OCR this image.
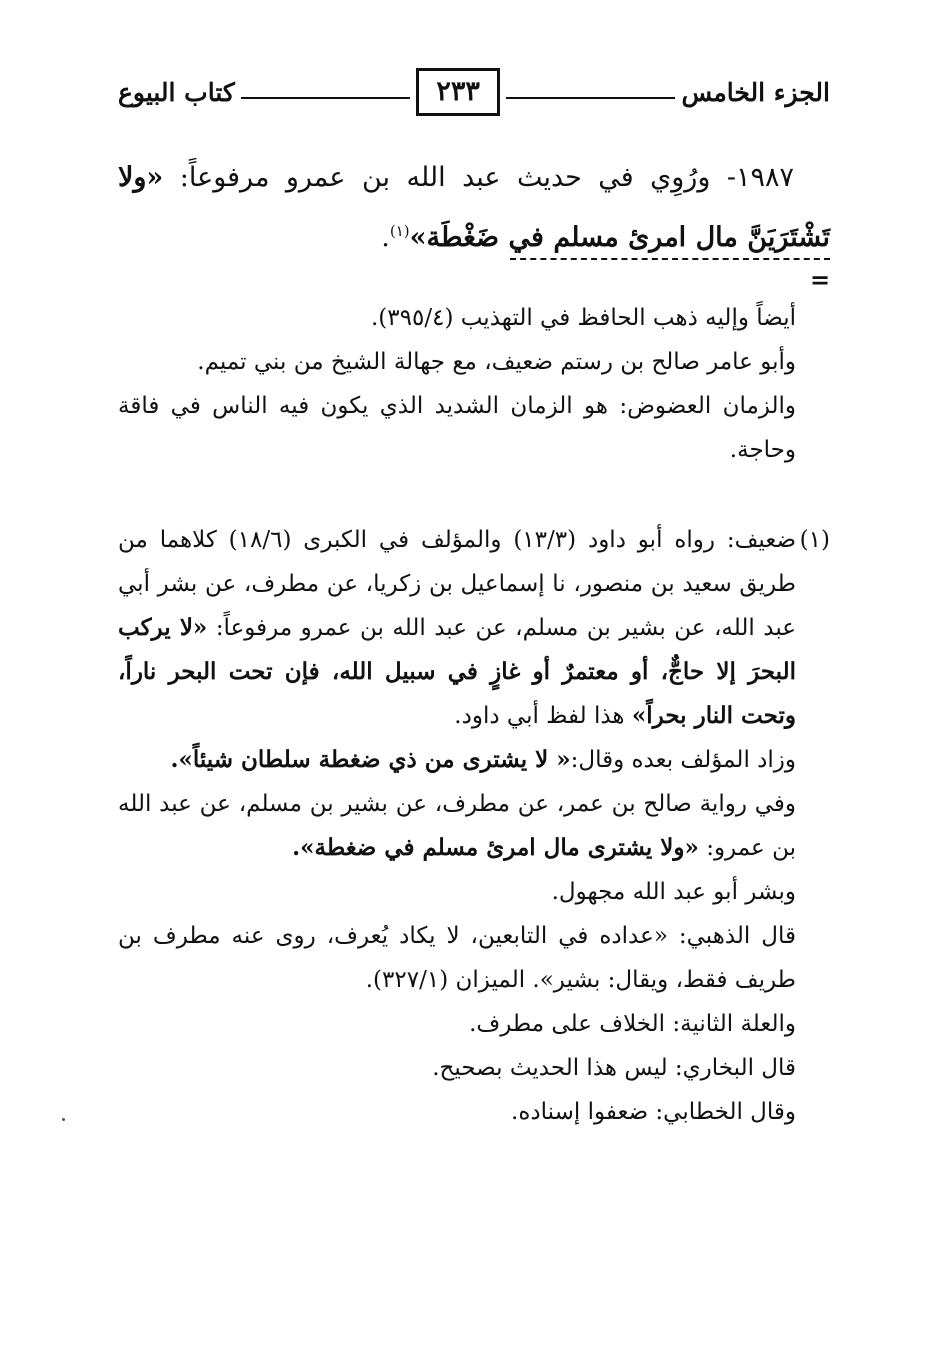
الجزء الخامس
٢٣٣
كتاب البيوع
١٩٨٧- ورُوِي في حديث عبد الله بن عمرو مرفوعاً: «ولا تَشْتَرَيَنَّ مال امرئ مسلم في ضَغْطَة»$^{(١)}$.
=

أيضاً وإليه ذهب الحافظ في التهذيب (٣٩٥/٤).

وأبو عامر صالح بن رستم ضعيف، مع جهالة الشيخ من بني تميم.

والزمان العضوض: هو الزمان الشديد الذي يكون فيه الناس في فاقة وحاجة.

(١)

ضعيف: رواه أبو داود (١٣/٣) والمؤلف في الكبرى (١٨/٦) كلاهما من طريق سعيد بن منصور، نا إسماعيل بن زكريا، عن مطرف، عن بشر أبي عبد الله، عن بشير بن مسلم، عن عبد الله بن عمرو مرفوعاً: «لا يركب البحرَ إلا حاجٌّ، أو معتمرٌ أو غازٍ في سبيل الله، فإن تحت البحر ناراً، وتحت النار بحراً» هذا لفظ أبي داود.

وزاد المؤلف بعده وقال:« لا يشترى من ذي ضغطة سلطان شيئاً».

وفي رواية صالح بن عمر، عن مطرف، عن بشير بن مسلم، عن عبد الله بن عمرو: «ولا يشترى مال امرئ مسلم في ضغطة».

وبشر أبو عبد الله مجهول.

قال الذهبي: «عداده في التابعين، لا يكاد يُعرف، روى عنه مطرف بن طريف فقط، ويقال: بشير». الميزان (٣٢٧/١).

والعلة الثانية: الخلاف على مطرف.

قال البخاري: ليس هذا الحديث بصحيح.

وقال الخطابي: ضعفوا إسناده.
